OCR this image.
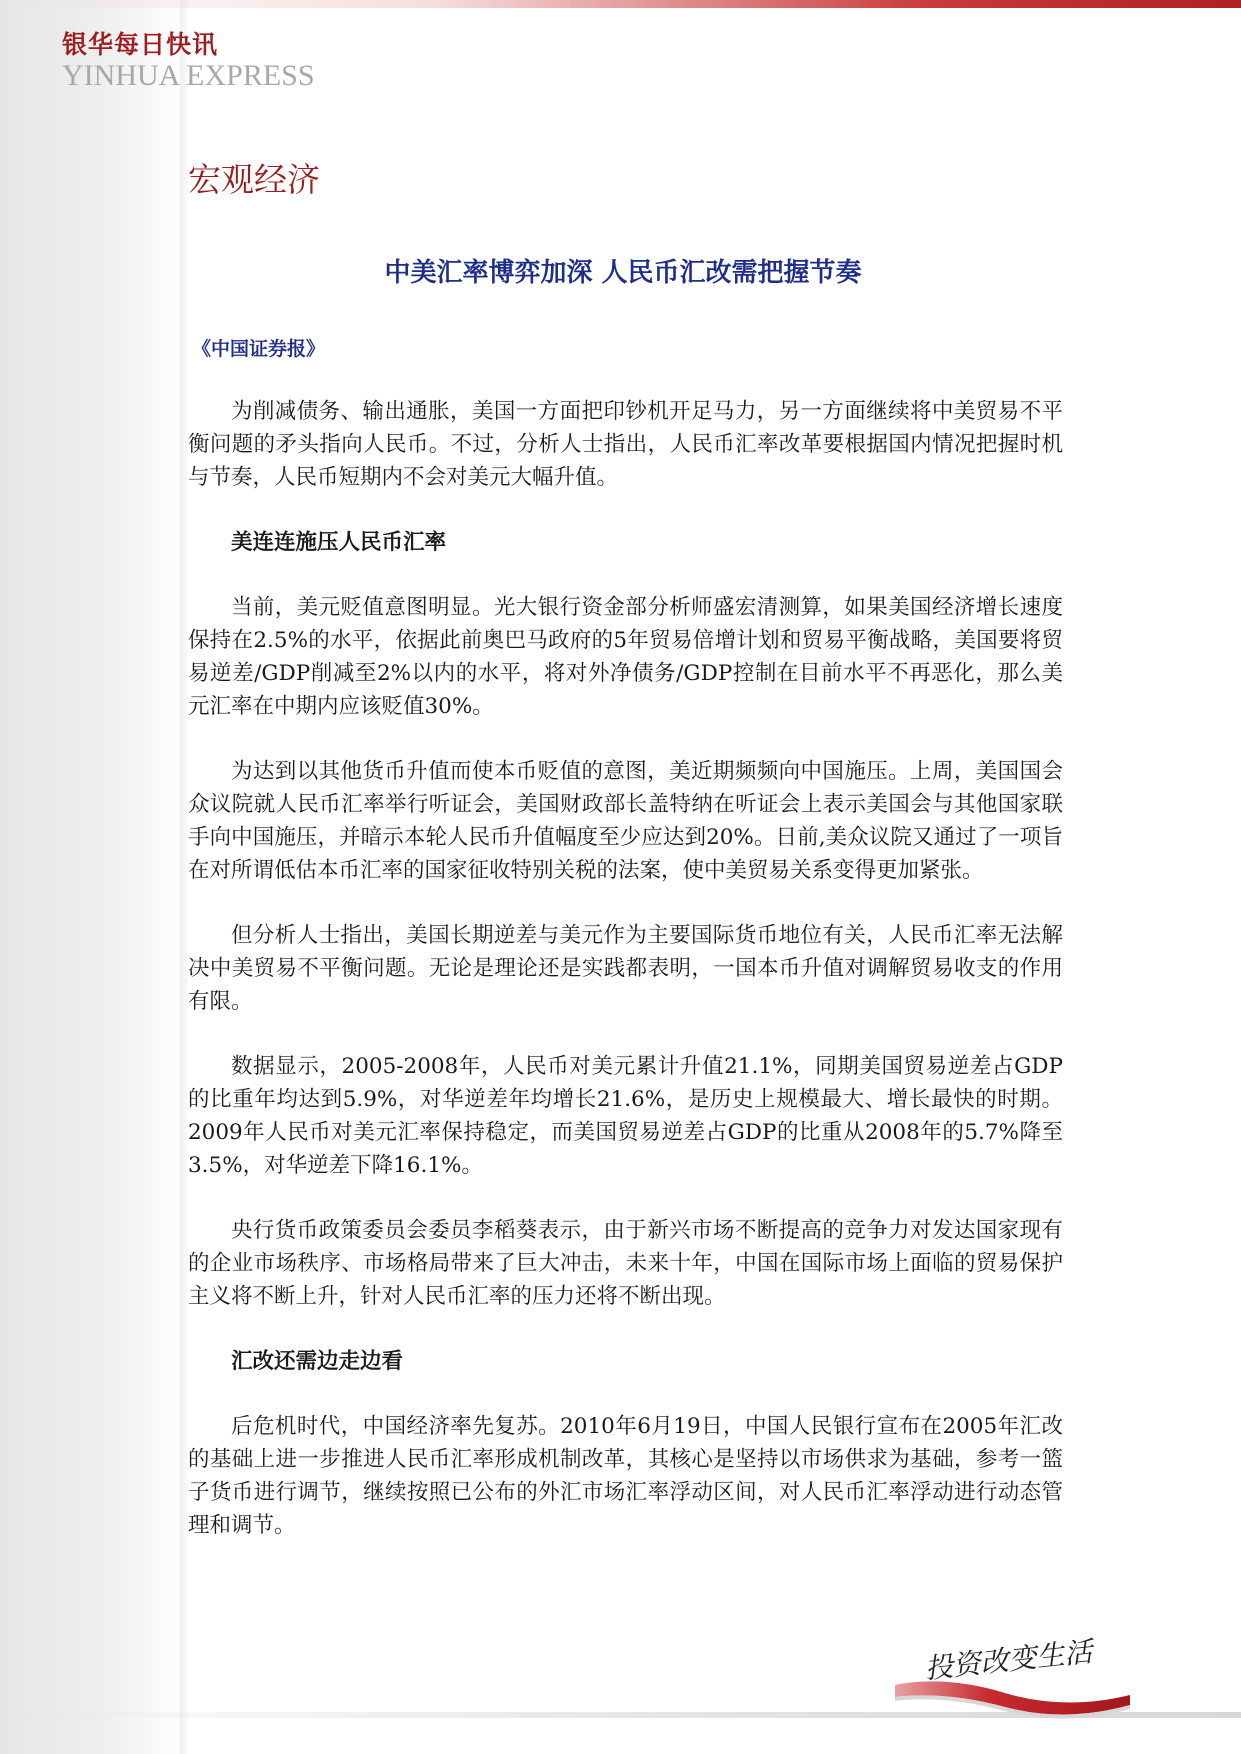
银华每日快讯
YINHUA EXPRESS
宏观经济
中美汇率博弈加深 人民币汇改需把握节奏
《中国证券报》
为削减债务、输出通胀，美国一方面把印钞机开足马力，另一方面继续将中美贸易不平衡问题的矛头指向人民币。不过，分析人士指出，人民币汇率改革要根据国内情况把握时机与节奏，人民币短期内不会对美元大幅升值。
美连连施压人民币汇率
当前，美元贬值意图明显。光大银行资金部分析师盛宏清测算，如果美国经济增长速度保持在2.5%的水平，依据此前奥巴马政府的5年贸易倍增计划和贸易平衡战略，美国要将贸易逆差/GDP削减至2%以内的水平，将对外净债务/GDP控制在目前水平不再恶化，那么美元汇率在中期内应该贬值30%。
为达到以其他货币升值而使本币贬值的意图，美近期频频向中国施压。上周，美国国会众议院就人民币汇率举行听证会，美国财政部长盖特纳在听证会上表示美国会与其他国家联手向中国施压，并暗示本轮人民币升值幅度至少应达到20%。日前,美众议院又通过了一项旨在对所谓低估本币汇率的国家征收特别关税的法案，使中美贸易关系变得更加紧张。
但分析人士指出，美国长期逆差与美元作为主要国际货币地位有关，人民币汇率无法解决中美贸易不平衡问题。无论是理论还是实践都表明，一国本币升值对调解贸易收支的作用有限。
数据显示，2005-2008年，人民币对美元累计升值21.1%，同期美国贸易逆差占GDP的比重年均达到5.9%，对华逆差年均增长21.6%，是历史上规模最大、增长最快的时期。2009年人民币对美元汇率保持稳定，而美国贸易逆差占GDP的比重从2008年的5.7%降至3.5%，对华逆差下降16.1%。
央行货币政策委员会委员李稻葵表示，由于新兴市场不断提高的竞争力对发达国家现有的企业市场秩序、市场格局带来了巨大冲击，未来十年，中国在国际市场上面临的贸易保护主义将不断上升，针对人民币汇率的压力还将不断出现。
汇改还需边走边看
后危机时代，中国经济率先复苏。2010年6月19日，中国人民银行宣布在2005年汇改的基础上进一步推进人民币汇率形成机制改革，其核心是坚持以市场供求为基础，参考一篮子货币进行调节，继续按照已公布的外汇市场汇率浮动区间，对人民币汇率浮动进行动态管理和调节。
投资改变生活
